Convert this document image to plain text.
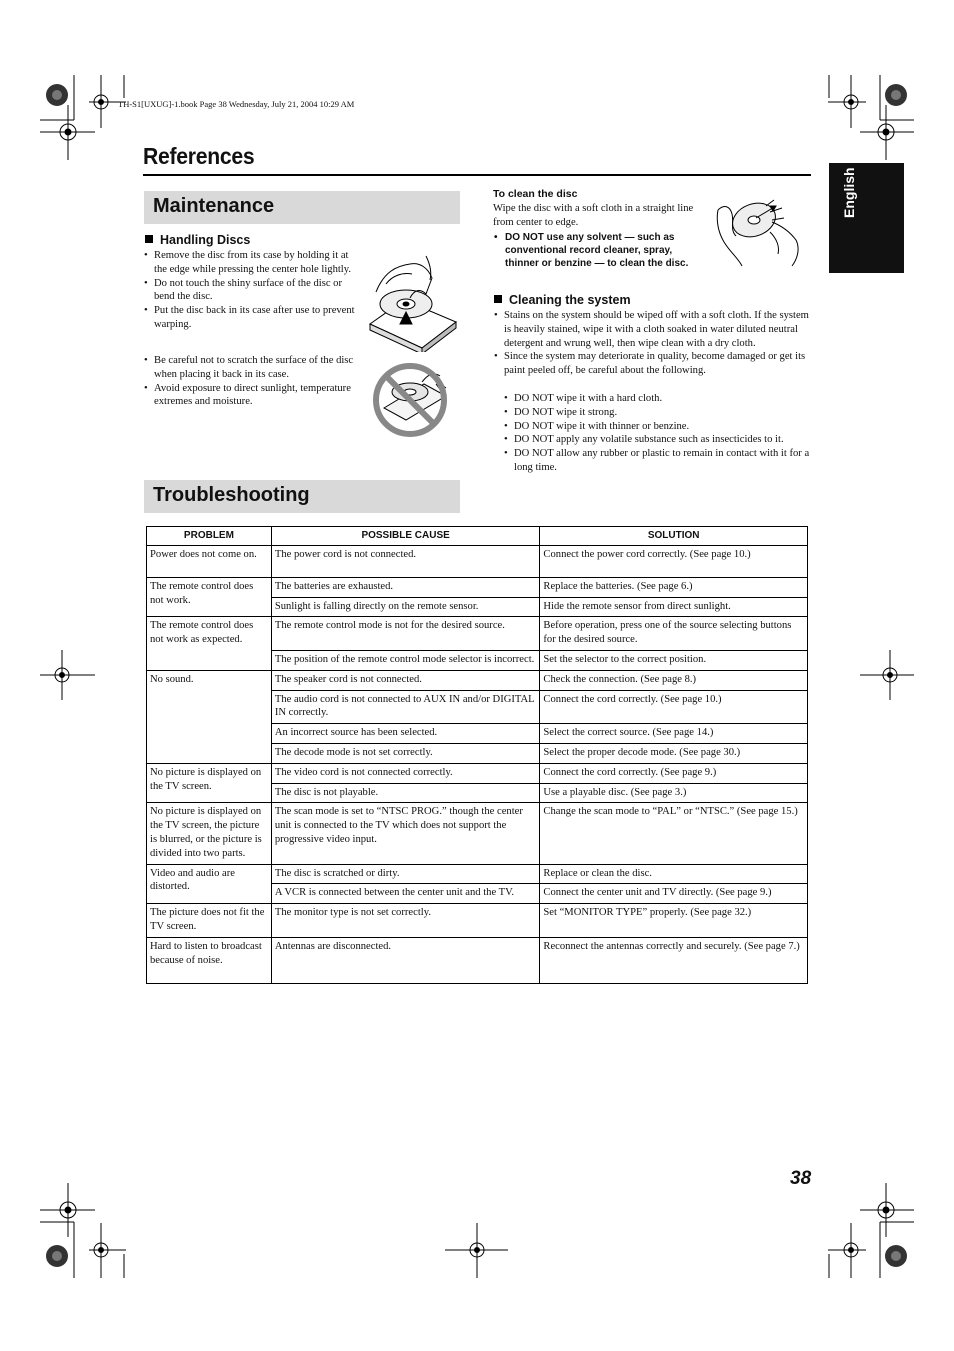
TH-S1[UXUG]-1.book Page 38 Wednesday, July 21, 2004 10:29 AM
References
English
Maintenance
Handling Discs
• Remove the disc from its case by holding it at the edge while pressing the center hole lightly.
• Do not touch the shiny surface of the disc or bend the disc.
• Put the disc back in its case after use to prevent warping.
• Be careful not to scratch the surface of the disc when placing it back in its case.
• Avoid exposure to direct sunlight, temperature extremes and moisture.
To clean the disc
Wipe the disc with a soft cloth in a straight line from center to edge.
• DO NOT use any solvent — such as conventional record cleaner, spray, thinner or benzine — to clean the disc.
Cleaning the system
• Stains on the system should be wiped off with a soft cloth. If the system is heavily stained, wipe it with a cloth soaked in water diluted neutral detergent and wrung well, then wipe clean with a dry cloth.
• Since the system may deteriorate in quality, become damaged or get its paint peeled off, be careful about the following.
• DO NOT wipe it with a hard cloth.
• DO NOT wipe it strong.
• DO NOT wipe it with thinner or benzine.
• DO NOT apply any volatile substance such as insecticides to it.
• DO NOT allow any rubber or plastic to remain in contact with it for a long time.
Troubleshooting
PROBLEM	POSSIBLE CAUSE	SOLUTION
Power does not come on.	The power cord is not connected.	Connect the power cord correctly. (See page 10.)
The remote control does not work.	The batteries are exhausted.	Replace the batteries. (See page 6.)
	Sunlight is falling directly on the remote sensor.	Hide the remote sensor from direct sunlight.
The remote control does not work as expected.	The remote control mode is not for the desired source.	Before operation, press one of the source selecting buttons for the desired source.
	The position of the remote control mode selector is incorrect.	Set the selector to the correct position.
No sound.	The speaker cord is not connected.	Check the connection. (See page 8.)
	The audio cord is not connected to AUX IN and/or DIGITAL IN correctly.	Connect the cord correctly. (See page 10.)
	An incorrect source has been selected.	Select the correct source. (See page 14.)
	The decode mode is not set correctly.	Select the proper decode mode. (See page 30.)
No picture is displayed on the TV screen.	The video cord is not connected correctly.	Connect the cord correctly. (See page 9.)
	The disc is not playable.	Use a playable disc. (See page 3.)
No picture is displayed on the TV screen, the picture is blurred, or the picture is divided into two parts.	The scan mode is set to “NTSC PROG.” though the center unit is connected to the TV which does not support the progressive video input.	Change the scan mode to “PAL” or “NTSC.” (See page 15.)
Video and audio are distorted.	The disc is scratched or dirty.	Replace or clean the disc.
	A VCR is connected between the center unit and the TV.	Connect the center unit and TV directly. (See page 9.)
The picture does not fit the TV screen.	The monitor type is not set correctly.	Set “MONITOR TYPE” properly. (See page 32.)
Hard to listen to broadcast because of noise.	Antennas are disconnected.	Reconnect the antennas correctly and securely. (See page 7.)
38
